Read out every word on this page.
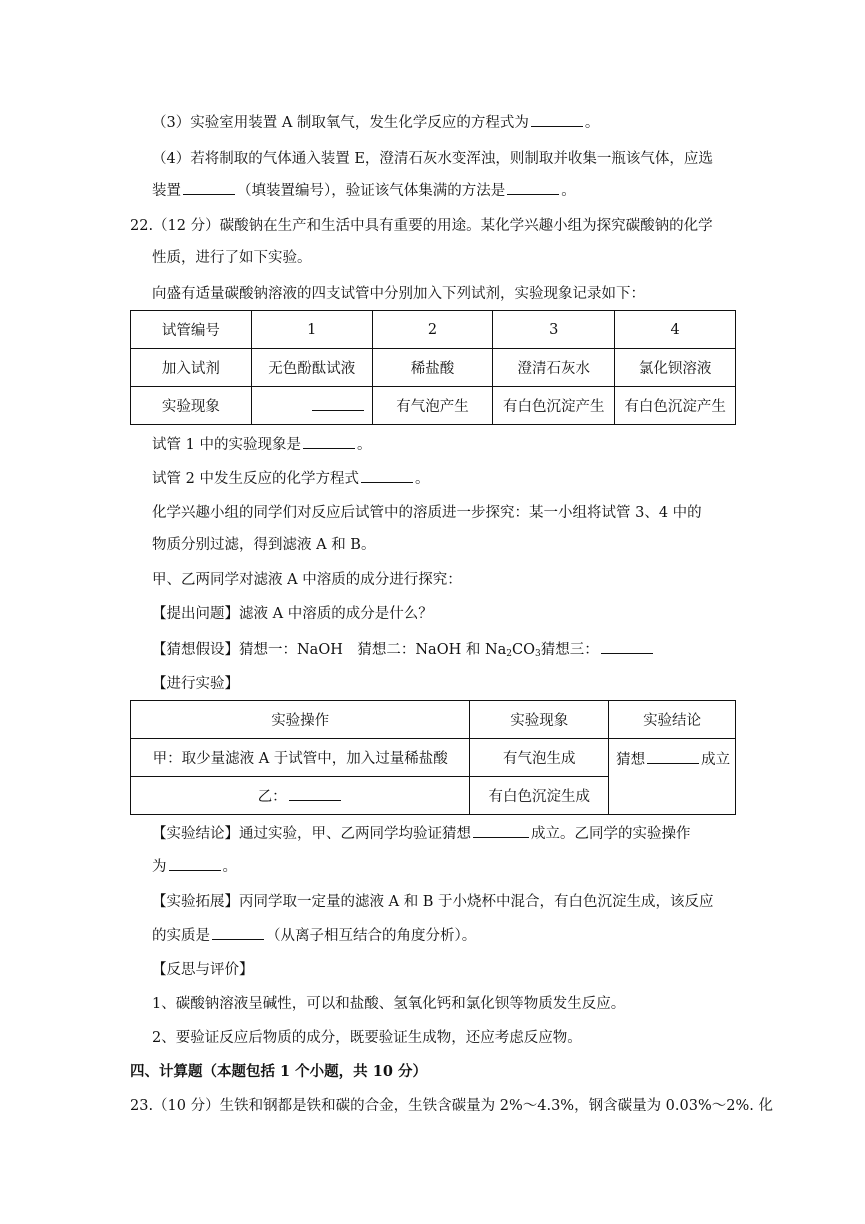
（3）实验室用装置 A 制取氧气，发生化学反应的方程式为	。
（4）若将制取的气体通入装置 E，澄清石灰水变浑浊，则制取并收集一瓶该气体，应选
装置	（填装置编号），验证该气体集满的方法是	。
22.（12 分）碳酸钠在生产和生活中具有重要的用途。某化学兴趣小组为探究碳酸钠的化学
性质，进行了如下实验。
向盛有适量碳酸钠溶液的四支试管中分别加入下列试剂，实验现象记录如下：
试管编号	1	2	3	4
加入试剂	无色酚酞试液	稀盐酸	澄清石灰水	氯化钡溶液
实验现象		有气泡产生	有白色沉淀产生	有白色沉淀产生
试管 1 中的实验现象是	。
试管 2 中发生反应的化学方程式	。
化学兴趣小组的同学们对反应后试管中的溶质进一步探究：某一小组将试管 3、4 中的
物质分别过滤，得到滤液 A 和 B。
甲、乙两同学对滤液 A 中溶质的成分进行探究：
【提出问题】滤液 A 中溶质的成分是什么？
【猜想假设】猜想一：NaOH　猜想二：NaOH 和 $Na_2CO_3$猜想三：
【进行实验】
实验操作	实验现象	实验结论
甲：取少量滤液 A 于试管中，加入过量稀盐酸	有气泡生成	猜想 成立
乙：	有白色沉淀生成	
【实验结论】通过实验，甲、乙两同学均验证猜想	成立。乙同学的实验操作
为	。
【实验拓展】丙同学取一定量的滤液 A 和 B 于小烧杯中混合，有白色沉淀生成，该反应
的实质是	（从离子相互结合的角度分析）。
【反思与评价】
1、碳酸钠溶液呈碱性，可以和盐酸、氢氧化钙和氯化钡等物质发生反应。
2、要验证反应后物质的成分，既要验证生成物，还应考虑反应物。
四、计算题（本题包括 1 个小题，共 10 分）
23.（10 分）生铁和钢都是铁和碳的合金，生铁含碳量为 2%～4.3%，钢含碳量为 0.03%～2%. 化
